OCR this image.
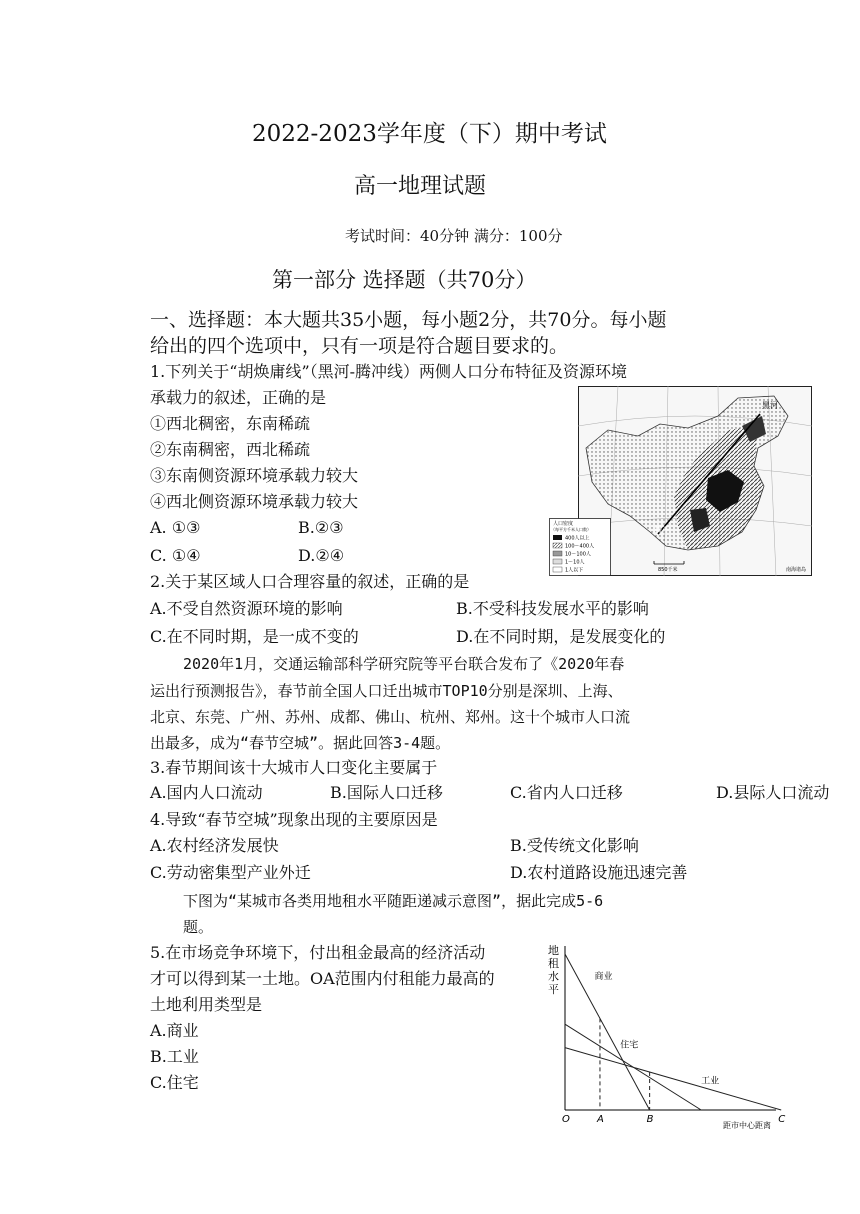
2022-2023学年度（下）期中考试
高一地理试题
考试时间：40分钟 满分：100分
第一部分 选择题（共70分）
一、选择题：本大题共35小题，每小题2分，共70分。每小题
给出的四个选项中，只有一项是符合题目要求的。
1.下列关于“胡焕庸线”（黑河-腾冲线）两侧人口分布特征及资源环境
承载力的叙述，正确的是
①西北稠密，东南稀疏
②东南稠密，西北稀疏
③东南侧资源环境承载力较大
④西北侧资源环境承载力较大
A. ①③	B.②③
C. ①④	D.②④
黑河
腾冲
人口密度
（每平方千米人口数）
400人以上
100～400人
10～100人
1～10人
1人以下	850千米	南海诸岛
2.关于某区域人口合理容量的叙述，正确的是
A.不受自然资源环境的影响	B.不受科技发展水平的影响
C.在不同时期，是一成不变的	D.在不同时期，是发展变化的
2020年1月，交通运输部科学研究院等平台联合发布了《2020年春
运出行预测报告》，春节前全国人口迁出城市TOP10分别是深圳、上海、
北京、东莞、广州、苏州、成都、佛山、杭州、郑州。这十个城市人口流
出最多，成为“春节空城”。据此回答3-4题。
3.春节期间该十大城市人口变化主要属于
A.国内人口流动	B.国际人口迁移	C.省内人口迁移	D.县际人口流动
4.导致“春节空城”现象出现的主要原因是
A.农村经济发展快	B.受传统文化影响
C.劳动密集型产业外迁	D.农村道路设施迅速完善
下图为“某城市各类用地租水平随距递减示意图”，据此完成5-6
题。
5.在市场竞争环境下，付出租金最高的经济活动
才可以得到某一土地。OA范围内付租能力最高的
土地利用类型是
A.商业
B.工业
C.住宅
地租水平
商业
住宅
工业
O	A	B	C
距市中心距离
